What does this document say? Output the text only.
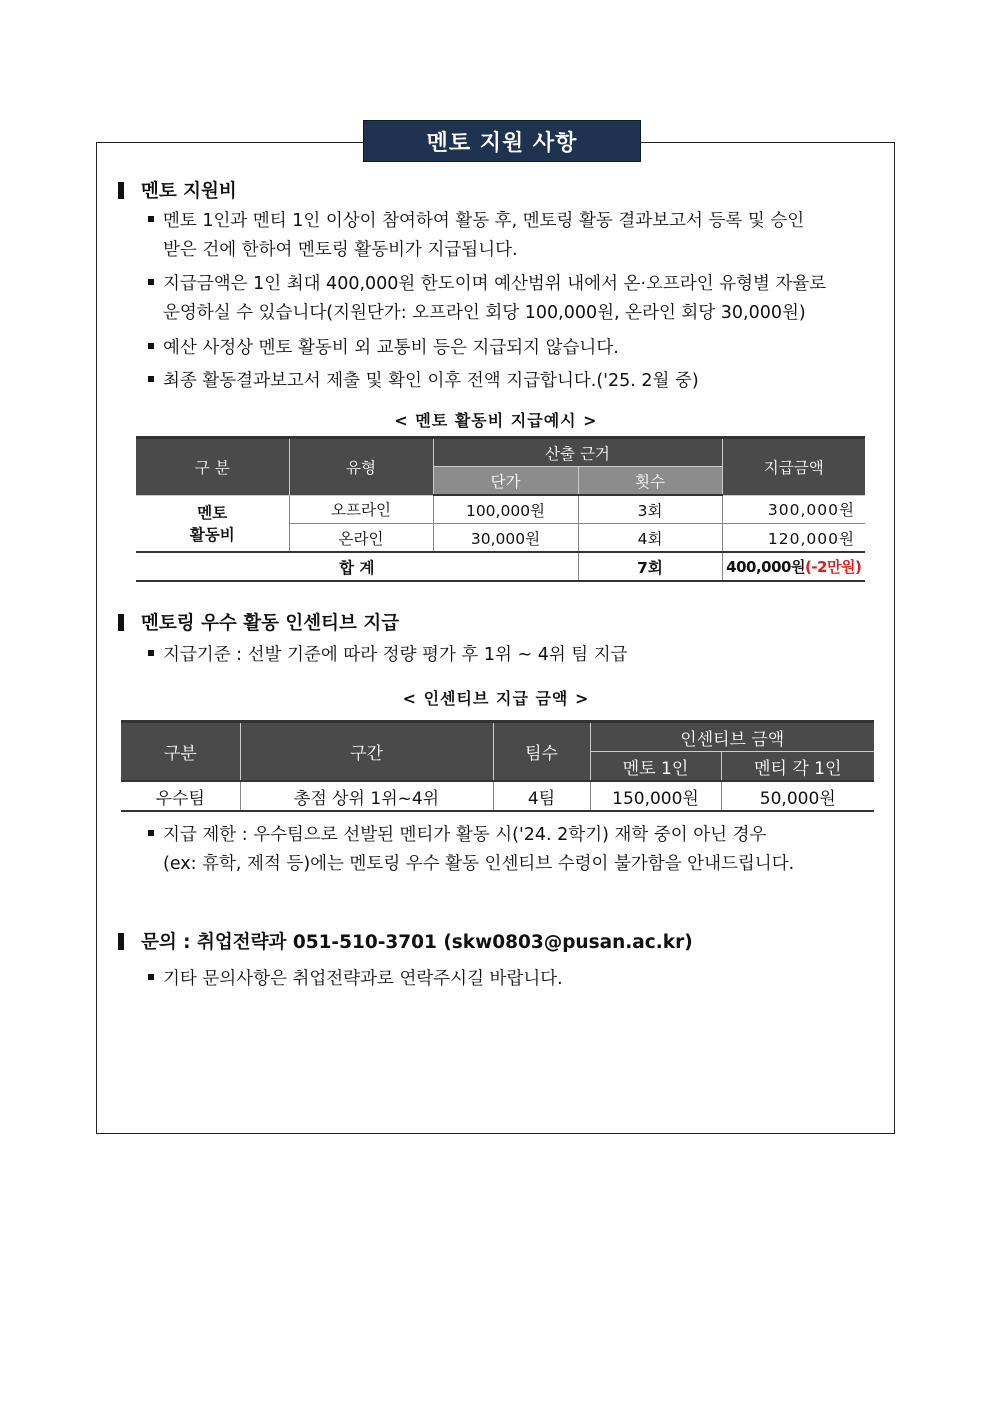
멘토 지원 사항
멘토 지원비
멘토 1인과 멘티 1인 이상이 참여하여 활동 후, 멘토링 활동 결과보고서 등록 및 승인
받은 건에 한하여 멘토링 활동비가 지급됩니다.
지급금액은 1인 최대 400,000원 한도이며 예산범위 내에서 온·오프라인 유형별 자율로
운영하실 수 있습니다(지원단가: 오프라인 회당 100,000원, 온라인 회당 30,000원)
예산 사정상 멘토 활동비 외 교통비 등은 지급되지 않습니다.
최종 활동결과보고서 제출 및 확인 이후 전액 지급합니다.('25. 2월 중)
< 멘토 활동비 지급예시 >
구 분	유형	산출 근거		지급금액
		단가	횟수	

멘토
활동비	오프라인	100,000원	3회	300,000원
	온라인	30,000원	4회	120,000원
합 계			7회	400,000원(-2만원)
멘토링 우수 활동 인센티브 지급
지급기준 : 선발 기준에 따라 정량 평가 후 1위 ~ 4위 팀 지급
< 인센티브 지급 금액 >
구분	구간	팀수	인센티브 금액	
			멘토 1인	멘티 각 1인
우수팀	총점 상위 1위~4위	4팀	150,000원	50,000원
지급 제한 : 우수팀으로 선발된 멘티가 활동 시('24. 2학기) 재학 중이 아닌 경우
(ex: 휴학, 제적 등)에는 멘토링 우수 활동 인센티브 수령이 불가함을 안내드립니다.
문의 : 취업전략과 051-510-3701 (skw0803@pusan.ac.kr)
기타 문의사항은 취업전략과로 연락주시길 바랍니다.
